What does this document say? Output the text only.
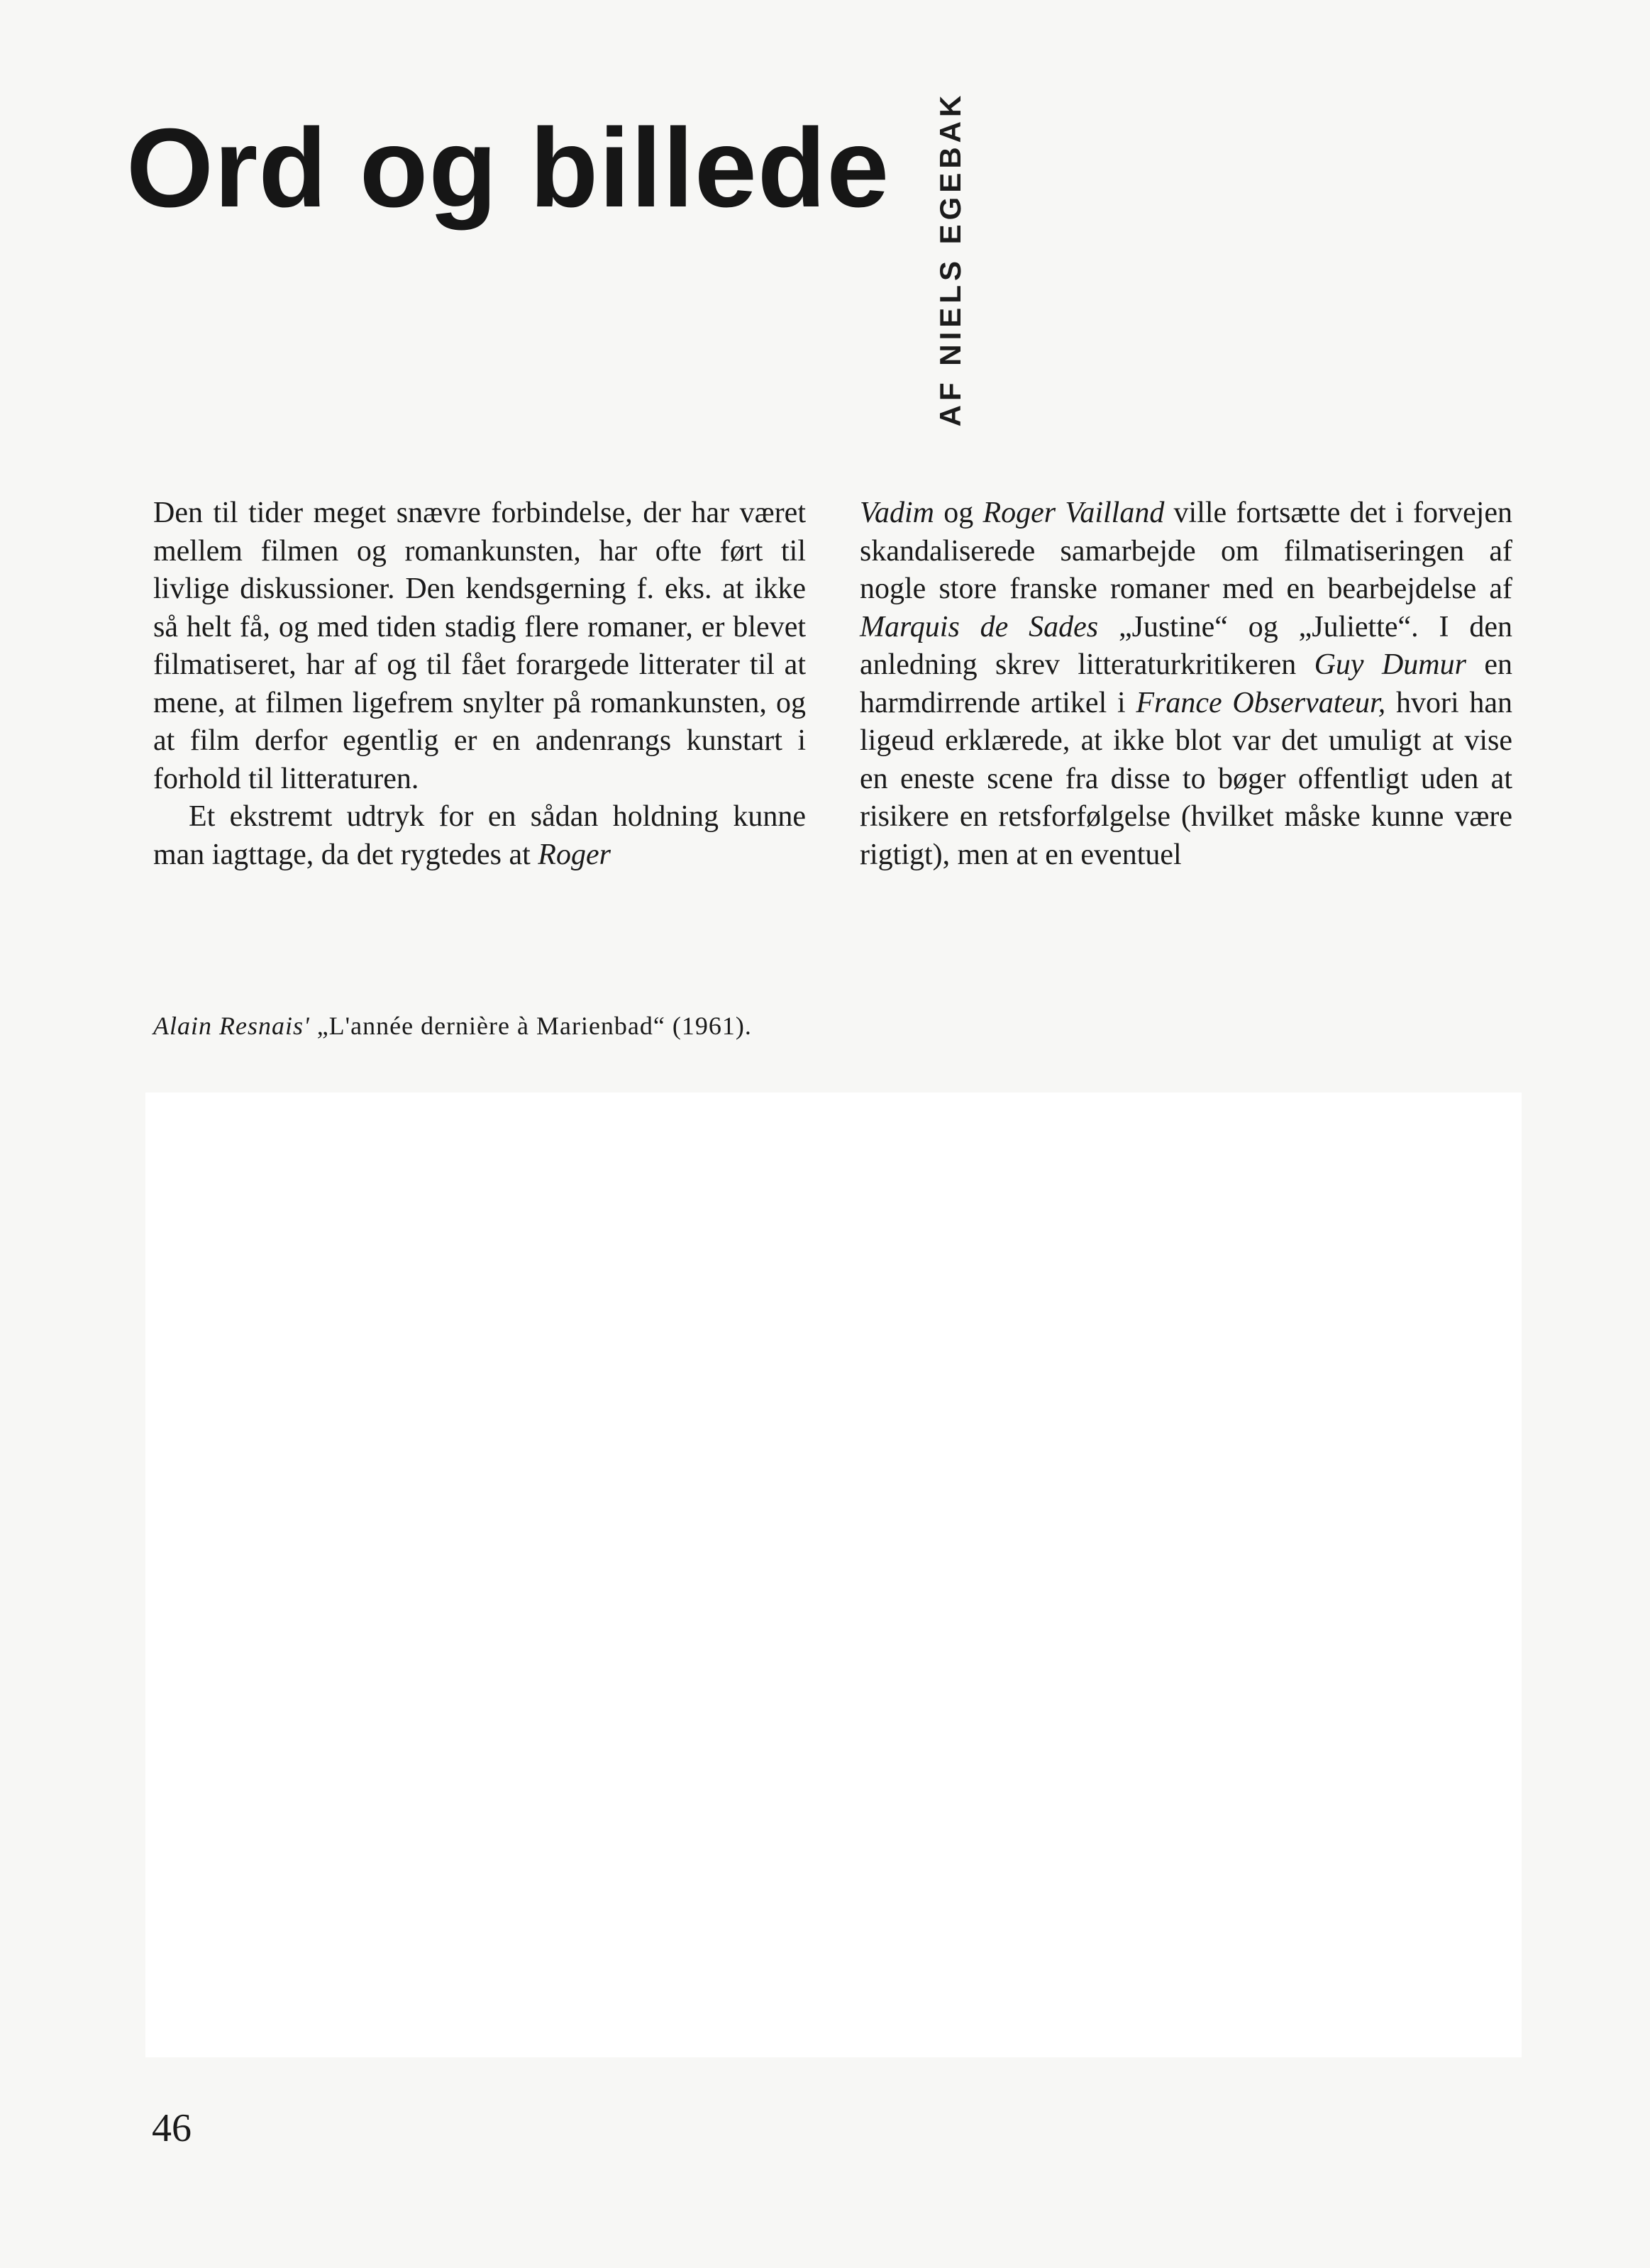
Ord og billede AF NIELS EGEBAK

Den til tider meget snævre forbindelse, der har været mellem filmen og romankunsten, har ofte ført til livlige diskussioner. Den kendsgerning f. eks. at ikke så helt få, og med tiden stadig flere romaner, er blevet filmatiseret, har af og til fået forargede litterater til at mene, at filmen ligefrem snylter på romankunsten, og at film derfor egentlig er en andenrangs kunstart i forhold til litteraturen.

Et ekstremt udtryk for en sådan holdning kunne man iagttage, da det rygtedes at Roger

Vadim og Roger Vailland ville fortsætte det i forvejen skandaliserede samarbejde om filmatiseringen af nogle store franske romaner med en bearbejdelse af Marquis de Sades „Justine“ og „Juliette“. I den anledning skrev litteraturkritikeren Guy Dumur en harmdirrende artikel i France Observateur, hvori han ligeud erklærede, at ikke blot var det umuligt at vise en eneste scene fra disse to bøger offentligt uden at risikere en retsforfølgelse (hvilket måske kunne være rigtigt), men at en eventuel

Alain Resnais' „L'année dernière à Marienbad“ (1961).
46
